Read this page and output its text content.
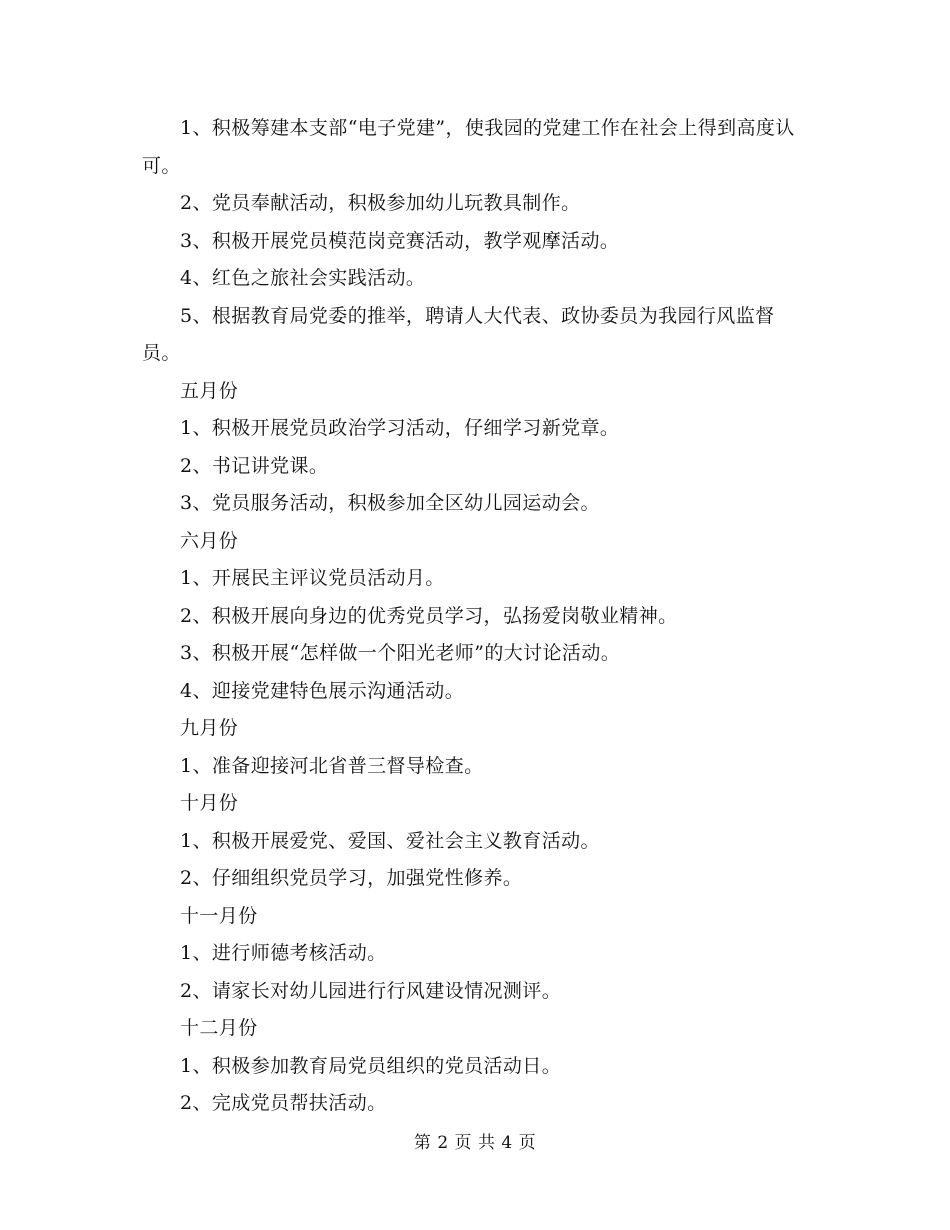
1、积极筹建本支部“电子党建”，使我园的党建工作在社会上得到高度认可。

2、党员奉献活动，积极参加幼儿玩教具制作。

3、积极开展党员模范岗竞赛活动，教学观摩活动。

4、红色之旅社会实践活动。

5、根据教育局党委的推举，聘请人大代表、政协委员为我园行风监督员。

五月份

1、积极开展党员政治学习活动，仔细学习新党章。

2、书记讲党课。

3、党员服务活动，积极参加全区幼儿园运动会。

六月份

1、开展民主评议党员活动月。

2、积极开展向身边的优秀党员学习，弘扬爱岗敬业精神。

3、积极开展“怎样做一个阳光老师”的大讨论活动。

4、迎接党建特色展示沟通活动。

九月份

1、准备迎接河北省普三督导检查。

十月份

1、积极开展爱党、爱国、爱社会主义教育活动。

2、仔细组织党员学习，加强党性修养。

十一月份

1、进行师德考核活动。

2、请家长对幼儿园进行行风建设情况测评。

十二月份

1、积极参加教育局党员组织的党员活动日。

2、完成党员帮扶活动。

第 2 页 共 4 页
